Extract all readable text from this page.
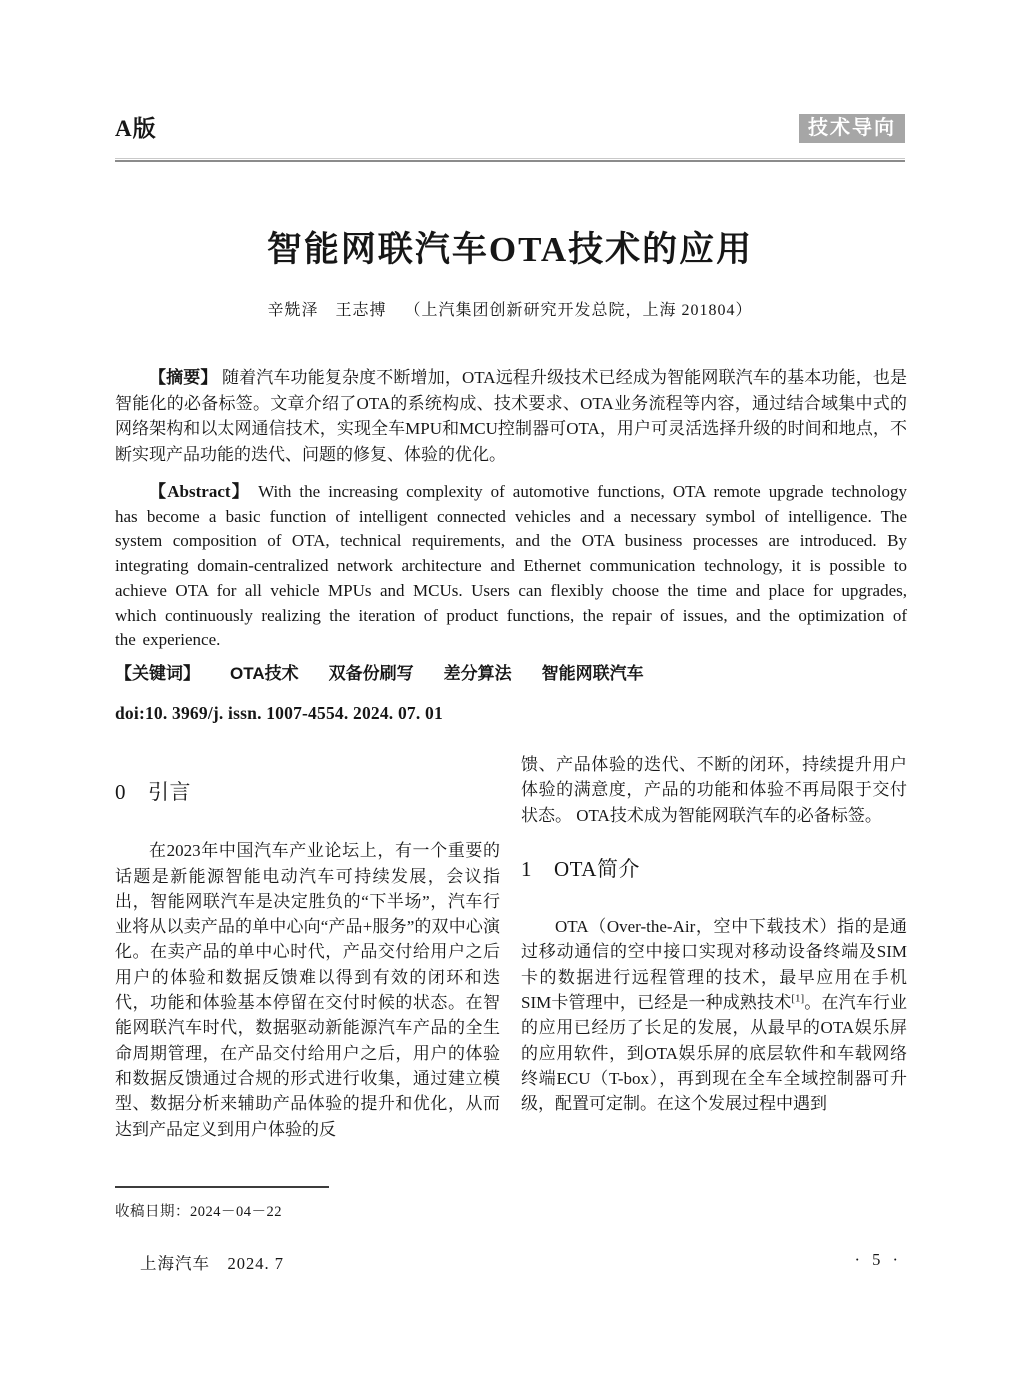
A版	技术导向
智能网联汽车OTA技术的应用
辛兟泽　王志搏 （上汽集团创新研究开发总院，上海 201804）

【摘要】 随着汽车功能复杂度不断增加，OTA远程升级技术已经成为智能网联汽车的基本功能，也是智能化的必备标签。文章介绍了OTA的系统构成、技术要求、OTA业务流程等内容，通过结合域集中式的网络架构和以太网通信技术，实现全车MPU和MCU控制器可OTA，用户可灵活选择升级的时间和地点，不断实现产品功能的迭代、问题的修复、体验的优化。

【Abstract】 With the increasing complexity of automotive functions, OTA remote upgrade technology has become a basic function of intelligent connected vehicles and a necessary symbol of intelligence. The system composition of OTA, technical requirements, and the OTA business processes are introduced. By integrating domain-centralized network architecture and Ethernet communication technology, it is possible to achieve OTA for all vehicle MPUs and MCUs. Users can flexibly choose the time and place for upgrades, which continuously realizing the iteration of product functions, the repair of issues, and the optimization of the experience.

【关键词】 OTA技术 双备份刷写 差分算法 智能网联汽车
doi:10. 3969/j. issn. 1007-4554. 2024. 07. 01
0 引言

在2023年中国汽车产业论坛上，有一个重要的话题是新能源智能电动汽车可持续发展，会议指出，智能网联汽车是决定胜负的“下半场”，汽车行业将从以卖产品的单中心向“产品+服务”的双中心演化。在卖产品的单中心时代，产品交付给用户之后用户的体验和数据反馈难以得到有效的闭环和迭代，功能和体验基本停留在交付时候的状态。在智能网联汽车时代，数据驱动新能源汽车产品的全生命周期管理，在产品交付给用户之后，用户的体验和数据反馈通过合规的形式进行收集，通过建立模型、数据分析来辅助产品体验的提升和优化，从而达到产品定义到用户体验的反

馈、产品体验的迭代、不断的闭环，持续提升用户体验的满意度，产品的功能和体验不再局限于交付状态。 OTA技术成为智能网联汽车的必备标签。

1 OTA简介

OTA（Over-the-Air，空中下载技术）指的是通过移动通信的空中接口实现对移动设备终端及SIM卡的数据进行远程管理的技术，最早应用在手机SIM卡管理中，已经是一种成熟技术[1]。在汽车行业的应用已经历了长足的发展，从最早的OTA娱乐屏的应用软件，到OTA娱乐屏的底层软件和车载网络终端ECU（T-box），再到现在全车全域控制器可升级，配置可定制。在这个发展过程中遇到

收稿日期：2024－04－22
上海汽车　2024. 7	· 5 ·
